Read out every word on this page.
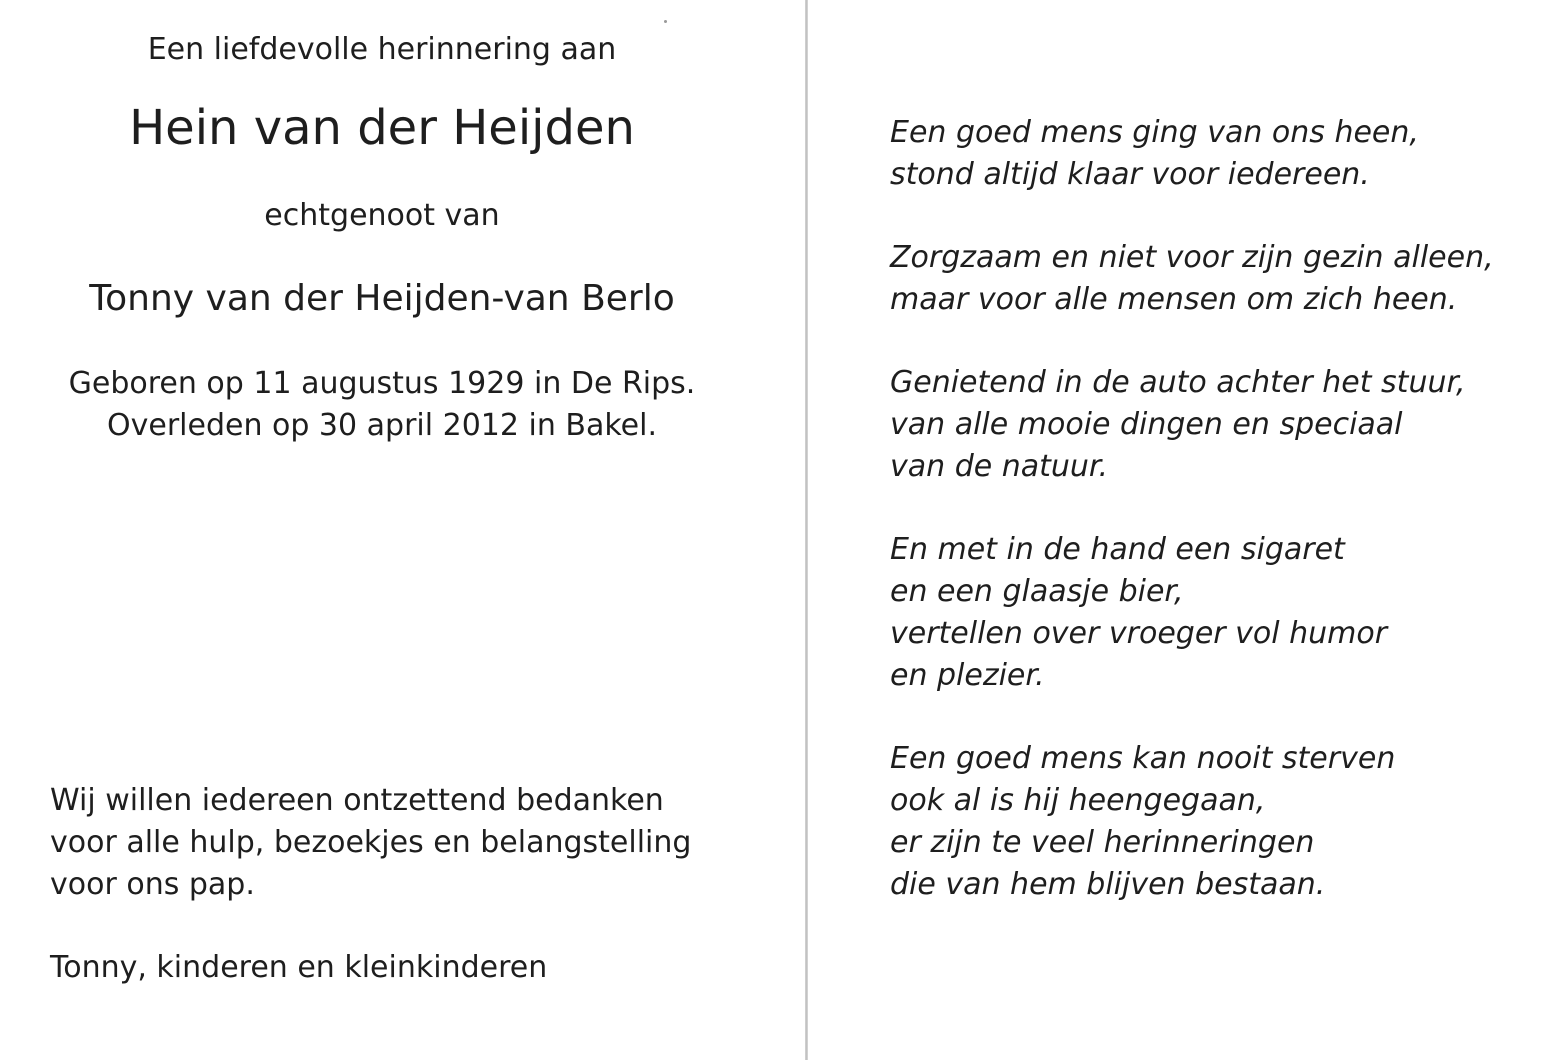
Een liefdevolle herinnering aan
Hein van der Heijden
echtgenoot van
Tonny van der Heijden-van Berlo
Geboren op 11 augustus 1929 in De Rips.
Overleden op 30 april 2012 in Bakel.
Wij willen iedereen ontzettend bedanken
voor alle hulp, bezoekjes en belangstelling
voor ons pap.
Tonny, kinderen en kleinkinderen
Een goed mens ging van ons heen,
stond altijd klaar voor iedereen.
Zorgzaam en niet voor zijn gezin alleen,
maar voor alle mensen om zich heen.
Genietend in de auto achter het stuur,
van alle mooie dingen en speciaal
van de natuur.
En met in de hand een sigaret
en een glaasje bier,
vertellen over vroeger vol humor
en plezier.
Een goed mens kan nooit sterven
ook al is hij heengegaan,
er zijn te veel herinneringen
die van hem blijven bestaan.
